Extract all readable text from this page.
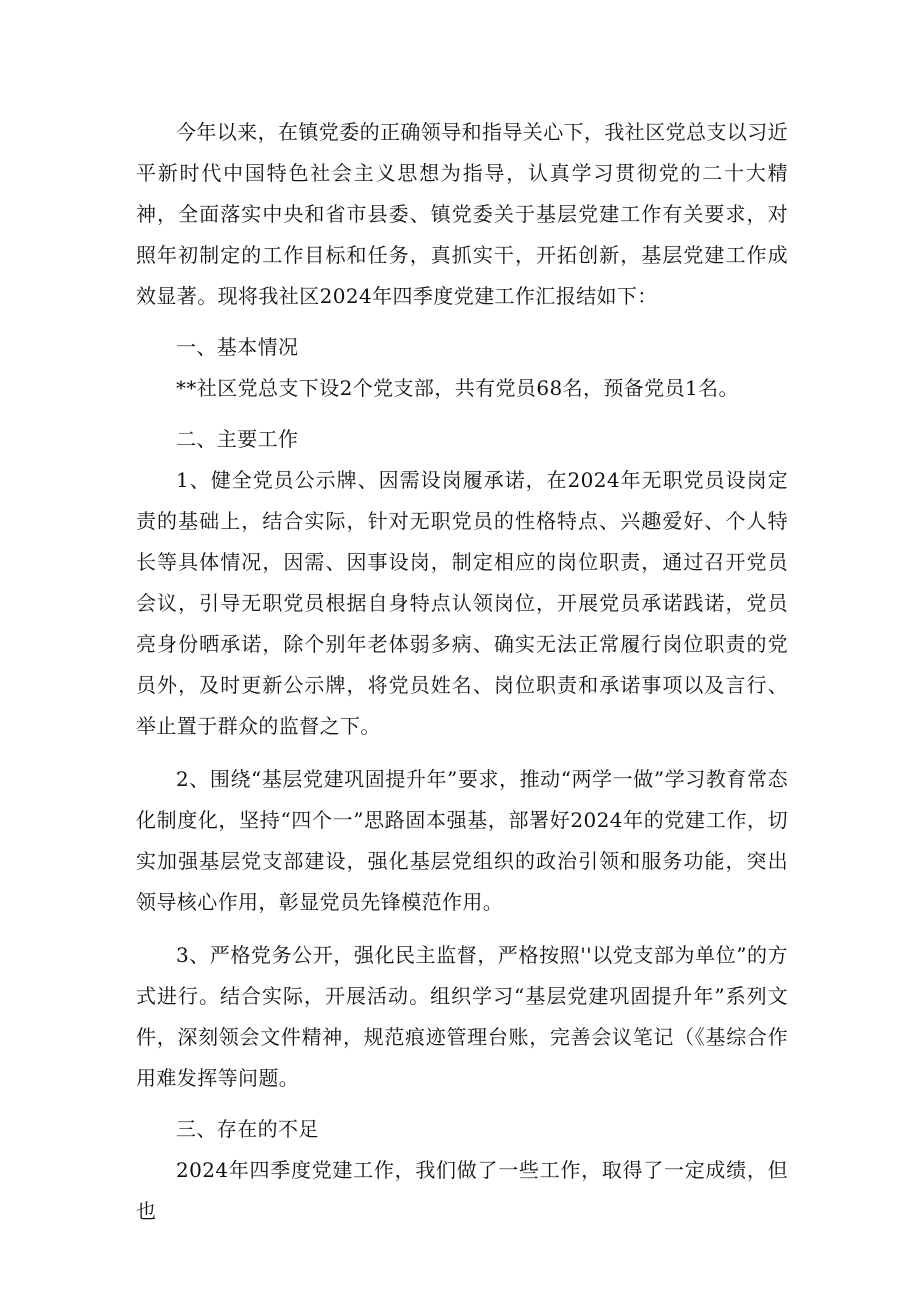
今年以来，在镇党委的正确领导和指导关心下，我社区党总支以习近平新时代中国特色社会主义思想为指导，认真学习贯彻党的二十大精神，全面落实中央和省市县委、镇党委关于基层党建工作有关要求，对照年初制定的工作目标和任务，真抓实干，开拓创新，基层党建工作成效显著。现将我社区2024年四季度党建工作汇报结如下：

一、基本情况

**社区党总支下设2个党支部，共有党员68名，预备党员1名。

二、主要工作

1、健全党员公示牌、因需设岗履承诺，在2024年无职党员设岗定责的基础上，结合实际，针对无职党员的性格特点、兴趣爱好、个人特长等具体情况，因需、因事设岗，制定相应的岗位职责，通过召开党员会议，引导无职党员根据自身特点认领岗位，开展党员承诺践诺，党员亮身份晒承诺，除个别年老体弱多病、确实无法正常履行岗位职责的党员外，及时更新公示牌，将党员姓名、岗位职责和承诺事项以及言行、举止置于群众的监督之下。

2、围绕“基层党建巩固提升年”要求，推动“两学一做”学习教育常态化制度化，坚持“四个一”思路固本强基，部署好2024年的党建工作，切实加强基层党支部建设，强化基层党组织的政治引领和服务功能，突出领导核心作用，彰显党员先锋模范作用。

3、严格党务公开，强化民主监督，严格按照''以党支部为单位”的方式进行。结合实际，开展活动。组织学习“基层党建巩固提升年”系列文件，深刻领会文件精神，规范痕迹管理台账，完善会议笔记（《基综合作用难发挥等问题。

三、存在的不足

2024年四季度党建工作，我们做了一些工作，取得了一定成绩，但也
